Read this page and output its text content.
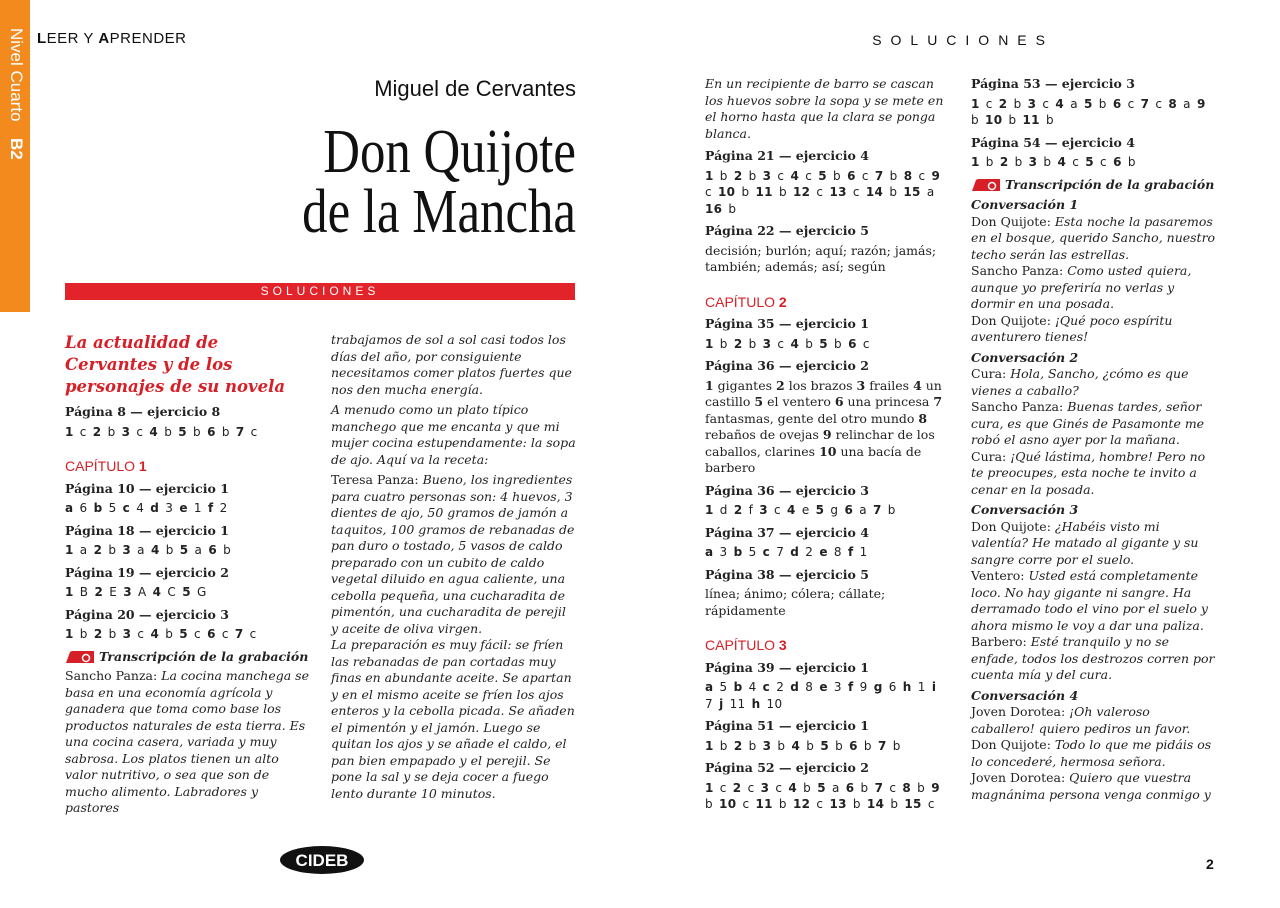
Nivel Cuarto B2
LEER Y APRENDER	SOLUCIONES
Miguel de Cervantes
Don Quijote
de la Mancha
SOLUCIONES
La actualidad de Cervantes y de los personajes de su novela
Página 8 — ejercicio 8
1 c 2 b 3 c 4 b 5 b 6 b 7 c
CAPÍTULO 1
Página 10 — ejercicio 1
a 6 b 5 c 4 d 3 e 1 f 2
Página 18 — ejercicio 1
1 a 2 b 3 a 4 b 5 a 6 b
Página 19 — ejercicio 2
1 B 2 E 3 A 4 C 5 G
Página 20 — ejercicio 3
1 b 2 b 3 c 4 b 5 c 6 c 7 c
Transcripción de la grabación
Sancho Panza: La cocina manchega se basa en una economía agrícola y ganadera que toma como base los productos naturales de esta tierra. Es una cocina casera, variada y muy sabrosa. Los platos tienen un alto valor nutritivo, o sea que son de mucho alimento. Labradores y pastores
trabajamos de sol a sol casi todos los días del año, por consiguiente necesitamos comer platos fuertes que nos den mucha energía.
A menudo como un plato típico manchego que me encanta y que mi mujer cocina estupendamente: la sopa de ajo. Aquí va la receta:
Teresa Panza: Bueno, los ingredientes para cuatro personas son: 4 huevos, 3 dientes de ajo, 50 gramos de jamón a taquitos, 100 gramos de rebanadas de pan duro o tostado, 5 vasos de caldo preparado con un cubito de caldo vegetal diluido en agua caliente, una cebolla pequeña, una cucharadita de pimentón, una cucharadita de perejil y aceite de oliva virgen.
La preparación es muy fácil: se fríen las rebanadas de pan cortadas muy finas en abundante aceite. Se apartan y en el mismo aceite se fríen los ajos enteros y la cebolla picada. Se añaden el pimentón y el jamón. Luego se quitan los ajos y se añade el caldo, el pan bien empapado y el perejil. Se pone la sal y se deja cocer a fuego lento durante 10 minutos.
En un recipiente de barro se cascan los huevos sobre la sopa y se mete en el horno hasta que la clara se ponga blanca.
Página 21 — ejercicio 4
1 b 2 b 3 c 4 c 5 b 6 c 7 b 8 c 9 c 10 b 11 b 12 c 13 c 14 b 15 a 16 b
Página 22 — ejercicio 5
decisión; burlón; aquí; razón; jamás; también; además; así; según
CAPÍTULO 2
Página 35 — ejercicio 1
1 b 2 b 3 c 4 b 5 b 6 c
Página 36 — ejercicio 2
1 gigantes 2 los brazos 3 frailes 4 un castillo 5 el ventero 6 una princesa 7 fantasmas, gente del otro mundo 8 rebaños de ovejas 9 relinchar de los caballos, clarines 10 una bacía de barbero
Página 36 — ejercicio 3
1 d 2 f 3 c 4 e 5 g 6 a 7 b
Página 37 — ejercicio 4
a 3 b 5 c 7 d 2 e 8 f 1
Página 38 — ejercicio 5
línea; ánimo; cólera; cállate; rápidamente
CAPÍTULO 3
Página 39 — ejercicio 1
a 5 b 4 c 2 d 8 e 3 f 9 g 6 h 1 i 7 j 11 h 10
Página 51 — ejercicio 1
1 b 2 b 3 b 4 b 5 b 6 b 7 b
Página 52 — ejercicio 2
1 c 2 c 3 c 4 b 5 a 6 b 7 c 8 b 9 b 10 c 11 b 12 c 13 b 14 b 15 c
Página 53 — ejercicio 3
1 c 2 b 3 c 4 a 5 b 6 c 7 c 8 a 9 b 10 b 11 b
Página 54 — ejercicio 4
1 b 2 b 3 b 4 c 5 c 6 b
Transcripción de la grabación
Conversación 1
Don Quijote: Esta noche la pasaremos en el bosque, querido Sancho, nuestro techo serán las estrellas.
Sancho Panza: Como usted quiera, aunque yo preferiría no verlas y dormir en una posada.
Don Quijote: ¡Qué poco espíritu aventurero tienes!
Conversación 2
Cura: Hola, Sancho, ¿cómo es que vienes a caballo?
Sancho Panza: Buenas tardes, señor cura, es que Ginés de Pasamonte me robó el asno ayer por la mañana.
Cura: ¡Qué lástima, hombre! Pero no te preocupes, esta noche te invito a cenar en la posada.
Conversación 3
Don Quijote: ¿Habéis visto mi valentía? He matado al gigante y su sangre corre por el suelo.
Ventero: Usted está completamente loco. No hay gigante ni sangre. Ha derramado todo el vino por el suelo y ahora mismo le voy a dar una paliza.
Barbero: Esté tranquilo y no se enfade, todos los destrozos corren por cuenta mía y del cura.
Conversación 4
Joven Dorotea: ¡Oh valeroso caballero! quiero pediros un favor.
Don Quijote: Todo lo que me pidáis os lo concederé, hermosa señora.
Joven Dorotea: Quiero que vuestra magnánima persona venga conmigo y
CIDEB	2
